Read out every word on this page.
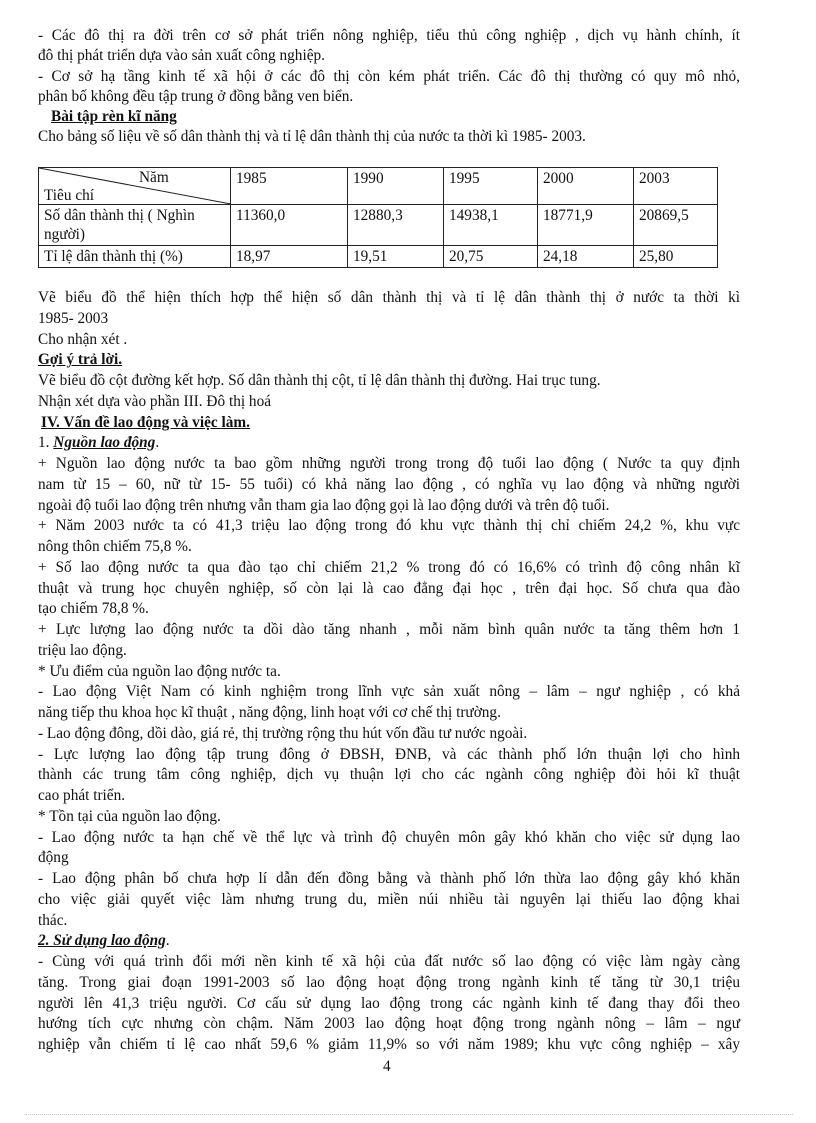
- Các đô thị ra đời trên cơ sở phát triển nông nghiệp, tiểu thủ công nghiệp , dịch vụ hành chính, ít
đô thị phát triển dựa vào sản xuất công nghiệp.
- Cơ sở hạ tầng kinh tế xã hội ở các đô thị còn kém phát triển. Các đô thị thường có quy mô nhỏ,
phân bố không đều tập trung ở đồng bằng ven biển.
Bài tập rèn kĩ năng
Cho bảng số liệu về số dân thành thị và tỉ lệ dân thành thị của nước ta thời kì 1985- 2003.
Năm
Tiêu chí	1985	1990	1995	2000	2003
Số dân thành thị ( Nghìn người)	11360,0	12880,3	14938,1	18771,9	20869,5
Tỉ lệ dân thành thị (%)	18,97	19,51	20,75	24,18	25,80
Vẽ biểu đồ thể hiện thích hợp thể hiện số dân thành thị và tỉ lệ dân thành thị ở nước ta thời kì
1985- 2003
Cho nhận xét .
Gợi ý trả lời.
Vẽ biểu đồ cột đường kết hợp. Số dân thành thị cột, tỉ lệ dân thành thị đường. Hai trục tung.
Nhận xét dựa vào phần III. Đô thị hoá
IV. Vấn đề lao động và việc làm.
1. Nguồn lao động.
+ Nguồn lao động nước ta bao gồm những người trong trong độ tuổi lao động ( Nước ta quy định
nam từ 15 – 60, nữ từ 15- 55 tuổi) có khả năng lao động , có nghĩa vụ lao động và những người
ngoài độ tuổi lao động trên nhưng vẫn tham gia lao động gọi là lao động dưới và trên độ tuổi.
+ Năm 2003 nước ta có 41,3 triệu lao động trong đó khu vực thành thị chỉ chiếm 24,2 %, khu vực
nông thôn chiếm 75,8 %.
+ Số lao động nước ta qua đào tạo chỉ chiếm 21,2 % trong đó có 16,6% có trình độ công nhân kĩ
thuật và trung học chuyên nghiệp, số còn lại là cao đẳng đại học , trên đại học. Số chưa qua đào
tạo chiếm 78,8 %.
+ Lực lượng lao động nước ta dồi dào tăng nhanh , mỗi năm bình quân nước ta tăng thêm hơn 1
triệu lao động.
* Ưu điểm của nguồn lao động nước ta.
- Lao động Việt Nam có kinh nghiệm trong lĩnh vực sản xuất nông – lâm – ngư nghiệp , có khả
năng tiếp thu khoa học kĩ thuật , năng động, linh hoạt với cơ chế thị trường.
- Lao động đông, dồi dào, giá rẻ, thị trường rộng thu hút vốn đầu tư nước ngoài.
- Lực lượng lao động tập trung đông ở ĐBSH, ĐNB, và các thành phố lớn thuận lợi cho hình
thành các trung tâm công nghiệp, dịch vụ thuận lợi cho các ngành công nghiệp đòi hỏi kĩ thuật
cao phát triển.
* Tồn tại của nguồn lao động.
- Lao động nước ta hạn chế về thể lực và trình độ chuyên môn gây khó khăn cho việc sử dụng lao
động
- Lao động phân bố chưa hợp lí dẫn đến đồng bằng và thành phố lớn thừa lao động gây khó khăn
cho việc giải quyết việc làm nhưng trung du, miền núi nhiều tài nguyên lại thiếu lao động khai
thác.
2. Sử dụng lao động.
- Cùng với quá trình đổi mới nền kinh tế xã hội của đất nước số lao động có việc làm ngày càng
tăng. Trong giai đoạn 1991-2003 số lao động hoạt động trong ngành kinh tế tăng từ 30,1 triệu
người lên 41,3 triệu người. Cơ cấu sử dụng lao động trong các ngành kinh tế đang thay đổi theo
hướng tích cực nhưng còn chậm. Năm 2003 lao động hoạt động trong ngành nông – lâm – ngư
nghiệp vẫn chiếm tỉ lệ cao nhất 59,6 % giảm 11,9% so với năm 1989; khu vực công nghiệp – xây
4
